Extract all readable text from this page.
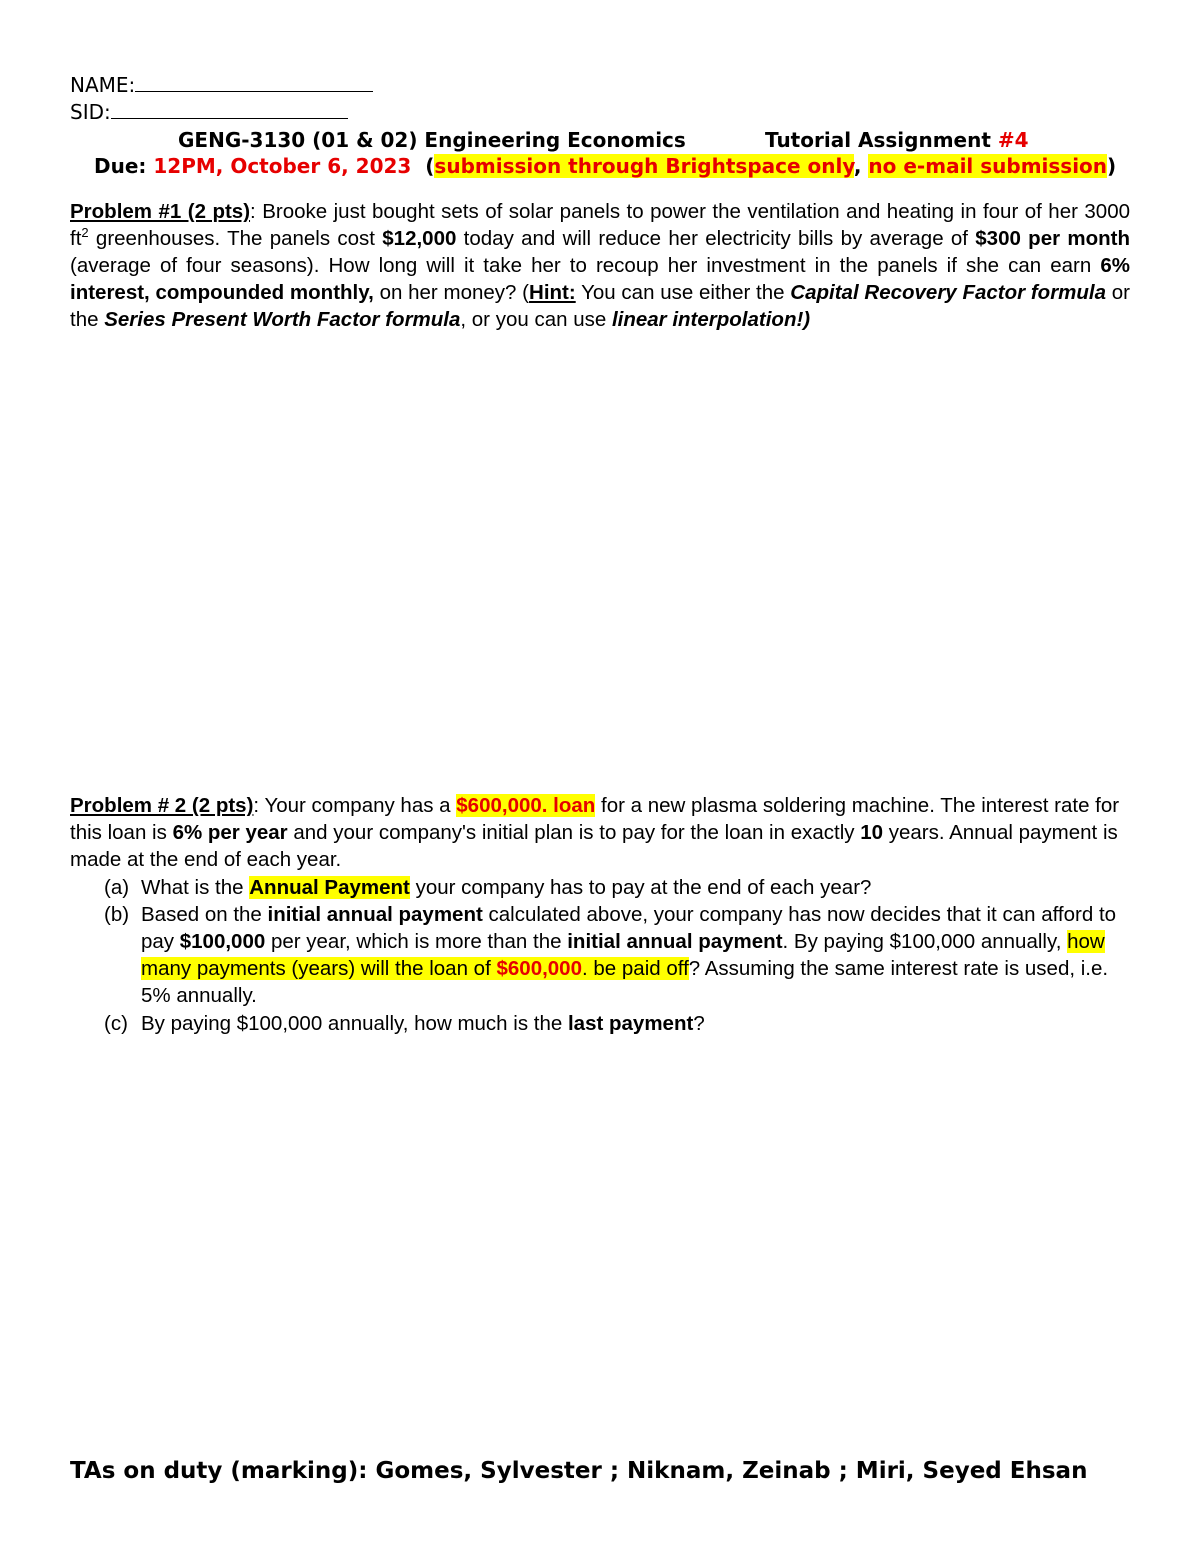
NAME:
SID:
GENG-3130 (01 & 02) Engineering Economics	Tutorial Assignment #4
Due: 12PM, October 6, 2023 (submission through Brightspace only, no e-mail submission)
Problem #1 (2 pts): Brooke just bought sets of solar panels to power the ventilation and heating in four of her 3000 $ft^2$ greenhouses. The panels cost $12,000 today and will reduce her electricity bills by average of $300 per month (average of four seasons). How long will it take her to recoup her investment in the panels if she can earn 6% interest, compounded monthly, on her money? (Hint: You can use either the Capital Recovery Factor formula or the Series Present Worth Factor formula, or you can use linear interpolation!)
Problem # 2 (2 pts): Your company has a $600,000. loan for a new plasma soldering machine. The interest rate for this loan is 6% per year and your company's initial plan is to pay for the loan in exactly 10 years. Annual payment is made at the end of each year.
(a) What is the Annual Payment your company has to pay at the end of each year?
(b) Based on the initial annual payment calculated above, your company has now decides that it can afford to pay $100,000 per year, which is more than the initial annual payment. By paying $100,000 annually, how many payments (years) will the loan of $600,000. be paid off? Assuming the same interest rate is used, i.e. 5% annually.
(c) By paying $100,000 annually, how much is the last payment?
TAs on duty (marking): Gomes, Sylvester ; Niknam, Zeinab ; Miri, Seyed Ehsan
